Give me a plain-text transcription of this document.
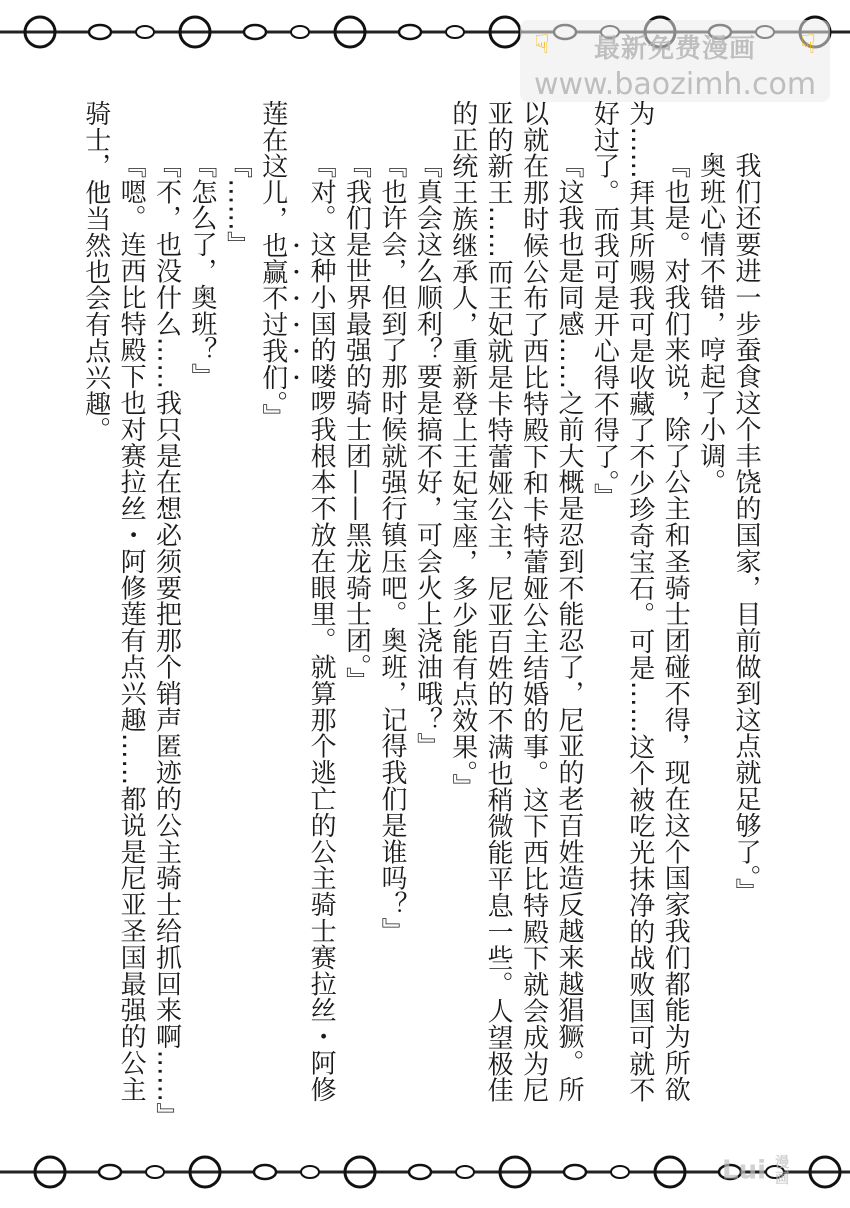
☟	☟
最新免费漫画
www.baozimh.com
Lui 漫画

我们还要进一步蚕食这个丰饶的国家，目前做到这点就足够了。』

奥班心情不错，哼起了小调。

『也是。对我们来说，除了公主和圣骑士团碰不得，现在这个国家我们都能为所欲

为……拜其所赐我可是收藏了不少珍奇宝石。可是……这个被吃光抹净的战败国可就不

好过了。而我可是开心得不得了。』

『这我也是同感……之前大概是忍到不能忍了，尼亚的老百姓造反越来越猖獗。所

以就在那时候公布了西比特殿下和卡特蕾娅公主结婚的事。这下西比特殿下就会成为尼

亚的新王……而王妃就是卡特蕾娅公主，尼亚百姓的不满也稍微能平息一些。人望极佳

的正统王族继承人，重新登上王妃宝座，多少能有点效果。』

『真会这么顺利？要是搞不好，可会火上浇油哦？』

『也许会，但到了那时候就强行镇压吧。奥班，记得我们是谁吗？』

『我们是世界最强的骑士团——黑龙骑士团。』

『对。这种小国的喽啰我根本不放在眼里。就算那个逃亡的公主骑士赛拉丝・阿修

莲在这儿，也赢不过我们。』

『……』

『怎么了，奥班？』

『不，也没什么……我只是在想必须要把那个销声匿迹的公主骑士给抓回来啊……』

『嗯。连西比特殿下也对赛拉丝・阿修莲有点兴趣……都说是尼亚圣国最强的公主

骑士，他当然也会有点兴趣。
